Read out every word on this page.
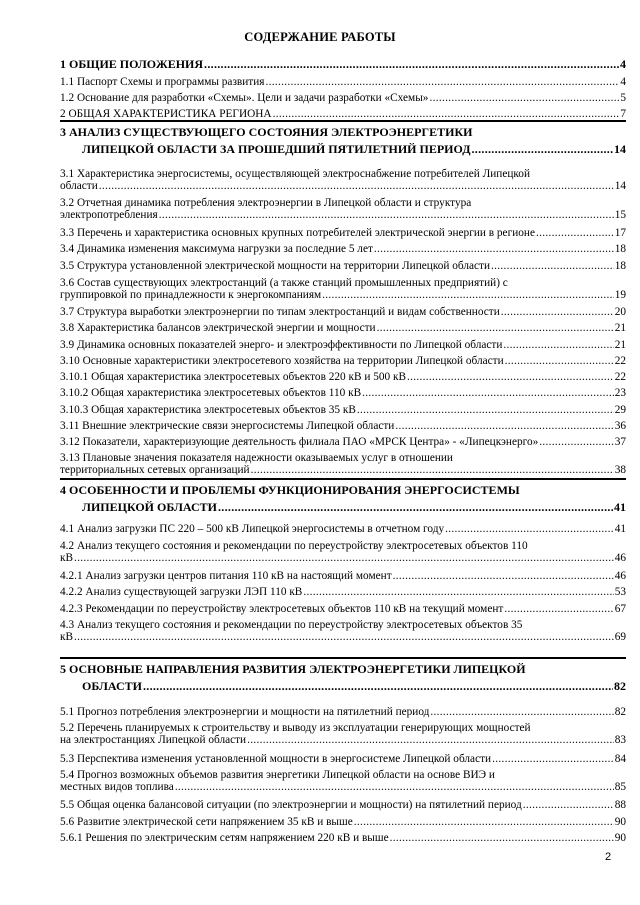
СОДЕРЖАНИЕ РАБОТЫ
1 ОБЩИЕ ПОЛОЖЕНИЯ .....	4
1.1 Паспорт Схемы и программы развития .....	4
1.2 Основание для разработки «Схемы». Цели и задачи разработки «Схемы» .....	5
2 ОБЩАЯ ХАРАКТЕРИСТИКА РЕГИОНА .....	7
3 АНАЛИЗ СУЩЕСТВУЮЩЕГО СОСТОЯНИЯ ЭЛЕКТРОЭНЕРГЕТИКИ
ЛИПЕЦКОЙ ОБЛАСТИ ЗА ПРОШЕДШИЙ ПЯТИЛЕТНИЙ ПЕРИОД .....	14
3.1 Характеристика энергосистемы, осуществляющей электроснабжение потребителей Липецкой
области .....	14
3.2 Отчетная динамика потребления электроэнергии в Липецкой области и структура
электропотребления .....	15
3.3 Перечень и характеристика основных крупных потребителей электрической энергии в регионе .....	17
3.4 Динамика изменения максимума нагрузки за последние 5 лет .....	18
3.5 Структура установленной электрической мощности на территории Липецкой области .....	18
3.6 Состав существующих электростанций (а также станций промышленных предприятий) с
группировкой по принадлежности к энергокомпаниям .....	19
3.7 Структура выработки электроэнергии по типам электростанций и видам собственности .....	20
3.8 Характеристика балансов электрической энергии и мощности .....	21
3.9 Динамика основных показателей энерго- и электроэффективности по Липецкой области .....	21
3.10 Основные характеристики электросетевого хозяйства на территории Липецкой области .....	22
3.10.1 Общая характеристика электросетевых объектов 220 кВ и 500 кВ .....	22
3.10.2 Общая характеристика электросетевых объектов 110 кВ .....	23
3.10.3 Общая характеристика электросетевых объектов 35 кВ .....	29
3.11 Внешние электрические связи энергосистемы Липецкой области .....	36
3.12 Показатели, характеризующие деятельность филиала ПАО «МРСК Центра» - «Липецкэнерго» .....	37
3.13 Плановые значения показателя надежности оказываемых услуг в отношении
территориальных сетевых организаций .....	38
4 ОСОБЕННОСТИ И ПРОБЛЕМЫ ФУНКЦИОНИРОВАНИЯ ЭНЕРГОСИСТЕМЫ
ЛИПЕЦКОЙ ОБЛАСТИ .....	41
4.1 Анализ загрузки ПС 220 – 500 кВ Липецкой энергосистемы в отчетном году .....	41
4.2 Анализ текущего состояния и рекомендации по переустройству электросетевых объектов 110
кВ .....	46
4.2.1 Анализ загрузки центров питания 110 кВ на настоящий момент .....	46
4.2.2 Анализ существующей загрузки ЛЭП 110 кВ .....	53
4.2.3 Рекомендации по переустройству электросетевых объектов 110 кВ на текущий момент .....	67
4.3 Анализ текущего состояния и рекомендации по переустройству электросетевых объектов 35
кВ .....	69
5 ОСНОВНЫЕ НАПРАВЛЕНИЯ РАЗВИТИЯ ЭЛЕКТРОЭНЕРГЕТИКИ ЛИПЕЦКОЙ
ОБЛАСТИ .....	82
5.1 Прогноз потребления электроэнергии и мощности на пятилетний период .....	82
5.2 Перечень планируемых к строительству и выводу из эксплуатации генерирующих мощностей
на электростанциях Липецкой области .....	83
5.3 Перспектива изменения установленной мощности в энергосистеме Липецкой области .....	84
5.4 Прогноз возможных объемов развития энергетики Липецкой области на основе ВИЭ и
местных видов топлива .....	85
5.5 Общая оценка балансовой ситуации (по электроэнергии и мощности) на пятилетний период .....	88
5.6 Развитие электрической сети напряжением 35 кВ и выше .....	90
5.6.1 Решения по электрическим сетям напряжением 220 кВ и выше .....	90
2
